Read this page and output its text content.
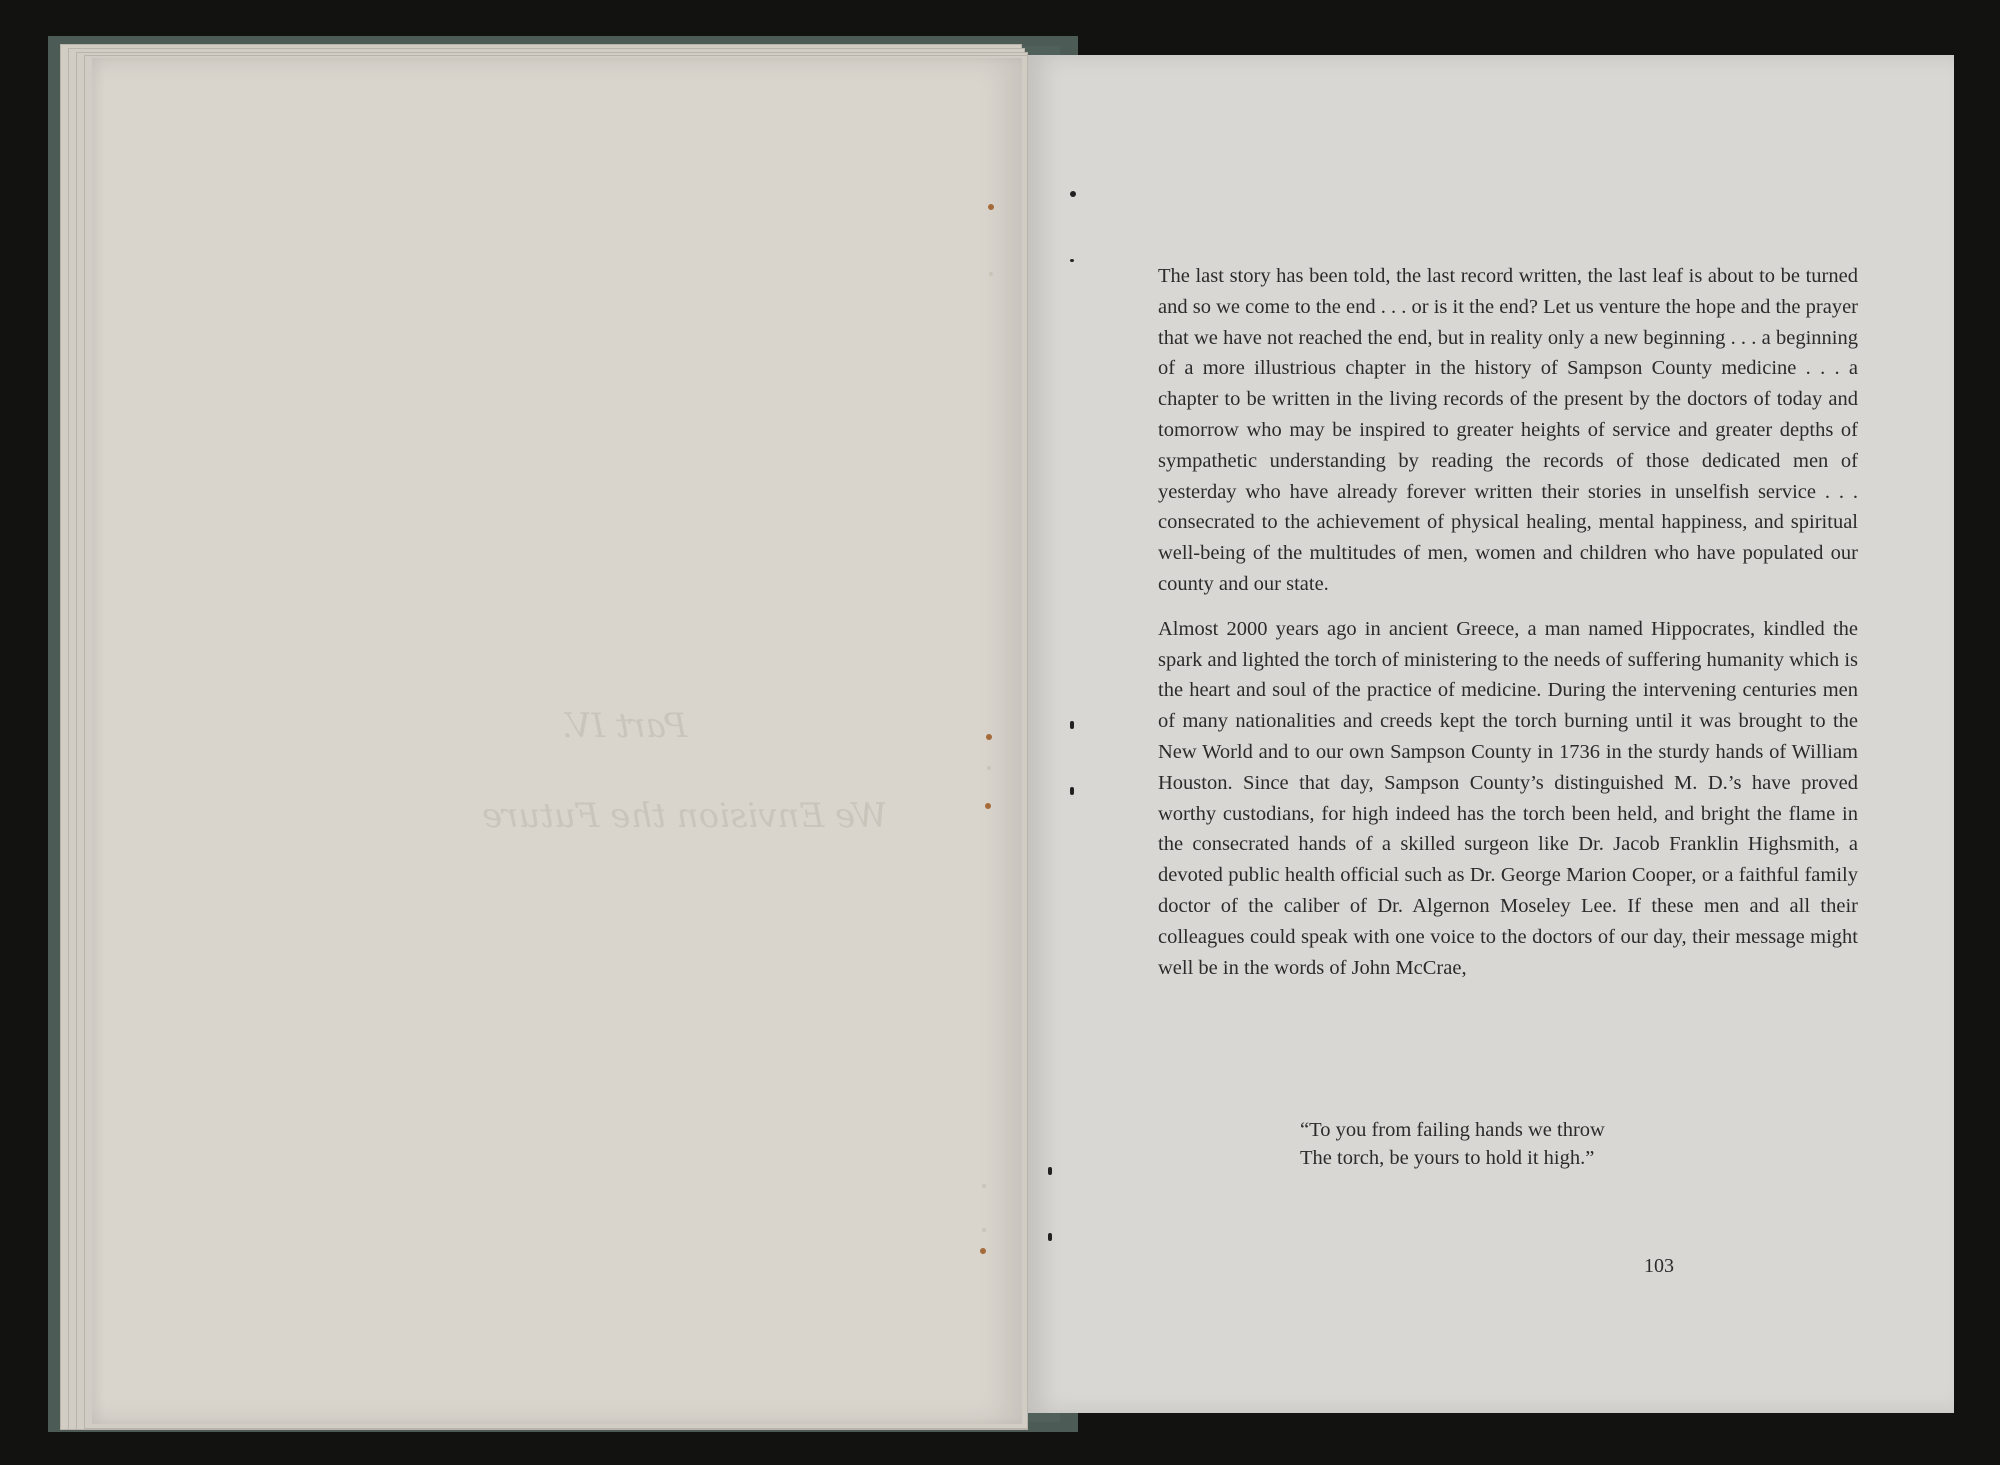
Part IV.
We Envision the Future

The last story has been told, the last record written, the last leaf is about to be turned and so we come to the end . . . or is it the end? Let us venture the hope and the prayer that we have not reached the end, but in reality only a new beginning . . . a beginning of a more illustrious chapter in the history of Sampson County medicine . . . a chapter to be written in the living records of the present by the doctors of today and tomorrow who may be inspired to greater heights of service and greater depths of sympathetic understanding by reading the records of those dedicated men of yesterday who have already forever written their stories in unselfish service . . . consecrated to the achievement of physical healing, mental happiness, and spiritual well-being of the multitudes of men, women and children who have populated our county and our state.

Almost 2000 years ago in ancient Greece, a man named Hippocrates, kindled the spark and lighted the torch of ministering to the needs of suffering humanity which is the heart and soul of the practice of medicine. During the intervening centuries men of many nationalities and creeds kept the torch burning until it was brought to the New World and to our own Sampson County in 1736 in the sturdy hands of William Houston. Since that day, Sampson County’s distinguished M. D.’s have proved worthy custodians, for high indeed has the torch been held, and bright the flame in the consecrated hands of a skilled surgeon like Dr. Jacob Franklin Highsmith, a devoted public health official such as Dr. George Marion Cooper, or a faithful family doctor of the caliber of Dr. Algernon Moseley Lee. If these men and all their colleagues could speak with one voice to the doctors of our day, their message might well be in the words of John McCrae,

“To you from failing hands we throw
The torch, be yours to hold it high.”
103
